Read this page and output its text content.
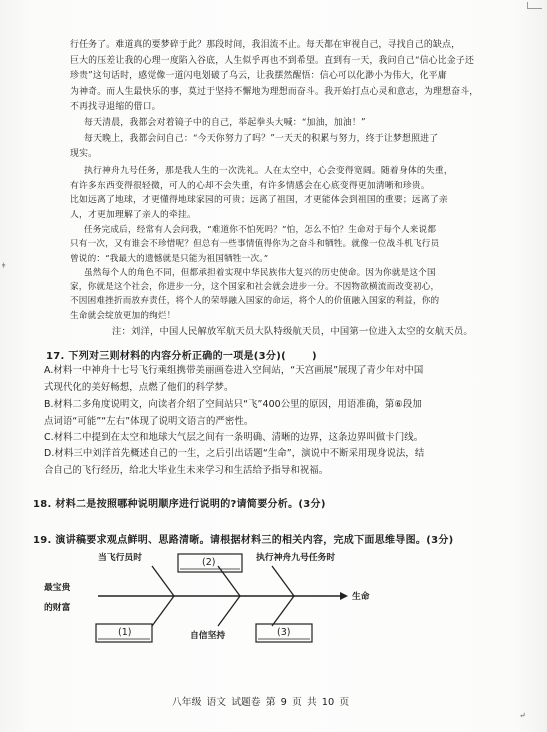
ǂ
行任务了。难道真的要梦碎于此？那段时间，我泪流不止。每天都在审视自己，寻找自己的缺点，
巨大的压差让我的心理一度陷入谷底，人生似乎再也不到希望。直到有一天，我问自己“信心比金子还
珍贵”这句话时，感觉像一道闪电划破了乌云，让我摆然醒悟：信心可以化渺小为伟大，化平庸
为神奇。而人生最快乐的事，莫过于坚持不懈地为理想而奋斗。我开始打点心灵和意志，为理想奋斗，
不再找寻退缩的借口。
每天清晨，我都会对着镜子中的自己，举起拳头大喊：“加油，加油！”
每天晚上，我都会问自己：“今天你努力了吗？”一天天的积累与努力，终于让梦想照进了
现实。
执行神舟九号任务，那是我人生的一次洗礼。人在太空中，心会变得宽阔。随着身体的失重，
有许多东西变得很轻微，可人的心却不会失重，有许多情感会在心底变得更加清晰和珍贵。
比如远离了地球，才更懂得地球家园的可贵；远离了祖国，才更能体会到祖国的重要；远离了亲
人，才更加理解了亲人的牵挂。
任务完成后，经常有人会问我，“难道你不怕死吗？”怕，怎么不怕？生命对于每个人来说都
只有一次，又有谁会不珍惜呢？但总有一些事情值得你为之奋斗和牺牲。就像一位战斗机飞行员
曾说的：“我最大的遗憾就是只能为祖国牺牲一次。”
虽然每个人的角色不同，但都承担着实现中华民族伟大复兴的历史使命。因为你就是这个国
家，你就是这个社会，你进步一分，这个国家和社会就会进步一分。不因物欲横流而改变初心，
不因困难挫折而放弃责任，将个人的荣辱融入国家的命运，将个人的价值融入国家的利益，你的
生命就会绽放更加的绚烂！
注：刘洋，中国人民解放军航天员大队特级航天员，中国第一位进入太空的女航天员。
17. 下列对三则材料的内容分析正确的一项是(3分)(	)
A.材料一中神舟十七号飞行乘组携带美丽画卷进入空间站，“天宫画展”展现了青少年对中国
式现代化的美好畅想，点燃了他们的科学梦。
B.材料二多角度说明文，向读者介绍了空间站只“飞”400公里的原因，用语准确，第⑥段加
点词语“可能”“左右”体现了说明文语言的严密性。
C.材料二中提到在太空和地球大气层之间有一条明确、清晰的边界，这条边界叫做卡门线。
D.材料三中刘洋首先概述自己的一生，之后引出话题“生命”，演说中不断采用现身说法，结
合自己的飞行经历，给北大毕业生未来学习和生活给予指导和祝福。
18. 材料二是按照哪种说明顺序进行说明的?请简要分析。(3分)
19. 演讲稿要求观点鲜明、思路清晰。请根据材料三的相关内容，完成下面思维导图。(3分)
当飞行员时	执行神舟九号任务时
最宝贵
的财富
生命
自信坚持
(2)
(1)	(3)
八年级 语文 试题卷 第 9 页 共 10 页
↵
